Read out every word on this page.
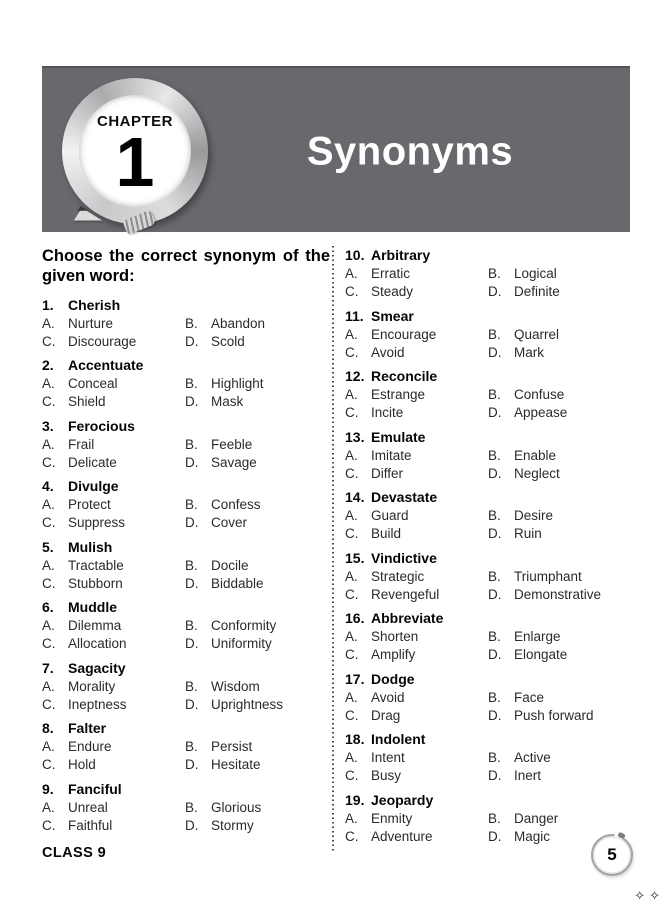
CHAPTER
1	Synonyms
Choose the correct synonym of the given word:
1.	Cherish
A. Nurture	B. Abandon
C. Discourage	D. Scold
2.	Accentuate
A. Conceal	B. Highlight
C. Shield	D. Mask
3.	Ferocious
A. Frail	B. Feeble
C. Delicate	D. Savage
4.	Divulge
A. Protect	B. Confess
C. Suppress	D. Cover
5.	Mulish
A. Tractable	B. Docile
C. Stubborn	D. Biddable
6.	Muddle
A. Dilemma	B. Conformity
C. Allocation	D. Uniformity
7.	Sagacity
A. Morality	B. Wisdom
C. Ineptness	D. Uprightness
8.	Falter
A. Endure	B. Persist
C. Hold	D. Hesitate
9.	Fanciful
A. Unreal	B. Glorious
C. Faithful	D. Stormy
10. Arbitrary
A. Erratic	B. Logical
C. Steady	D. Definite
11. Smear
A. Encourage	B. Quarrel
C. Avoid	D. Mark
12. Reconcile
A. Estrange	B. Confuse
C. Incite	D. Appease
13. Emulate
A. Imitate	B. Enable
C. Differ	D. Neglect
14. Devastate
A. Guard	B. Desire
C. Build	D. Ruin
15. Vindictive
A. Strategic	B. Triumphant
C. Revengeful	D. Demonstrative
16. Abbreviate
A. Shorten	B. Enlarge
C. Amplify	D. Elongate
17. Dodge
A. Avoid	B. Face
C. Drag	D. Push forward
18. Indolent
A. Intent	B. Active
C. Busy	D. Inert
19. Jeopardy
A. Enmity	B. Danger
C. Adventure	D. Magic
CLASS 9	5
✧✧
